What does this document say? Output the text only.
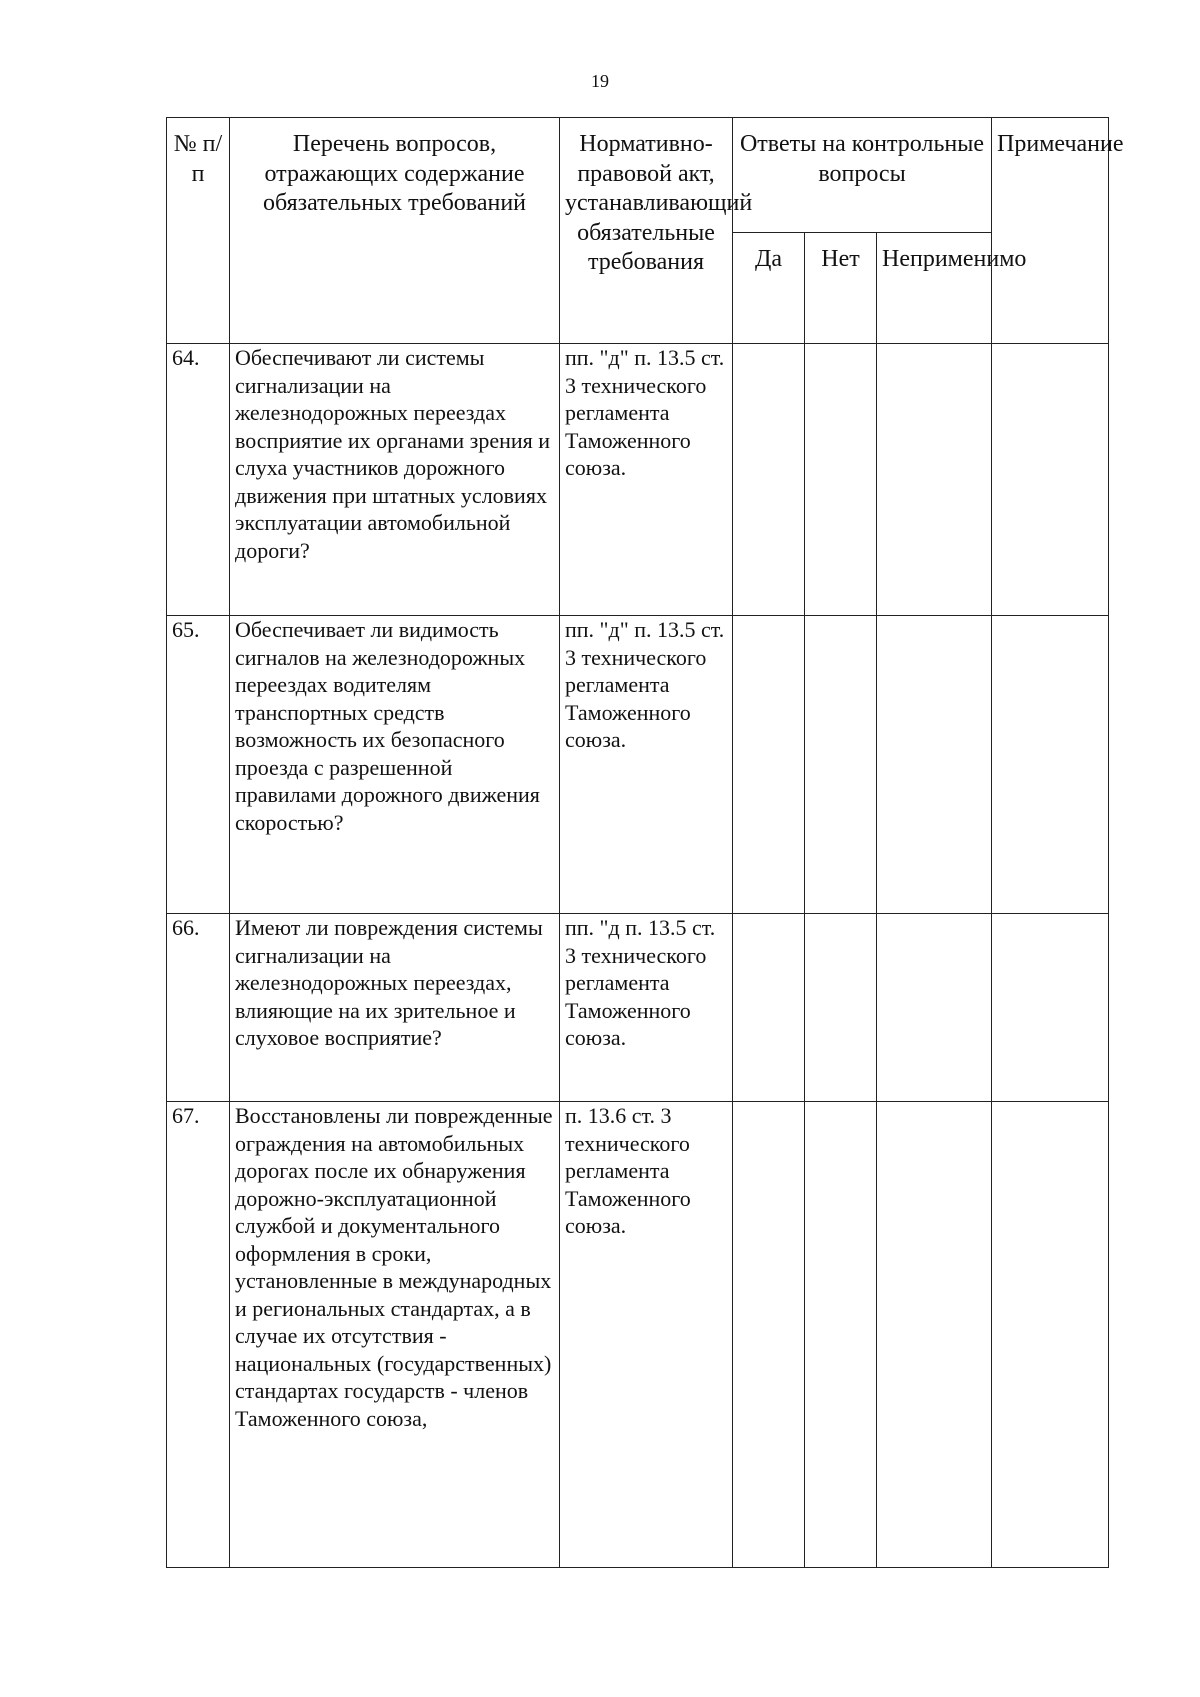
19
№ п/п	Перечень вопросов, отражающих содержание обязательных требований	Нормативно-правовой акт, устанавливающий обязательные требования	Ответы на контрольные вопросы			Примечание
			Да	Нет	Неприменимо	
64.	Обеспечивают ли системы сигнализации на железнодорожных переездах восприятие их органами зрения и слуха участников дорожного движения при штатных условиях эксплуатации автомобильной дороги?	пп. "д" п. 13.5 ст. 3 технического регламента Таможенного союза.				
65.	Обеспечивает ли видимость сигналов на железнодорожных переездах водителям транспортных средств возможность их безопасного проезда с разрешенной правилами дорожного движения скоростью?	пп. "д" п. 13.5 ст. 3 технического регламента Таможенного союза.				
66.	Имеют ли повреждения системы сигнализации на железнодорожных переездах, влияющие на их зрительное и слуховое восприятие?	пп. "д п. 13.5 ст. 3 технического регламента Таможенного союза.				
67.	Восстановлены ли поврежденные ограждения на автомобильных дорогах после их обнаружения дорожно-эксплуатационной службой и документального оформления в сроки, установленные в международных и региональных стандартах, а в случае их отсутствия - национальных (государственных) стандартах государств - членов Таможенного союза,	п. 13.6 ст. 3 технического регламента Таможенного союза.				
